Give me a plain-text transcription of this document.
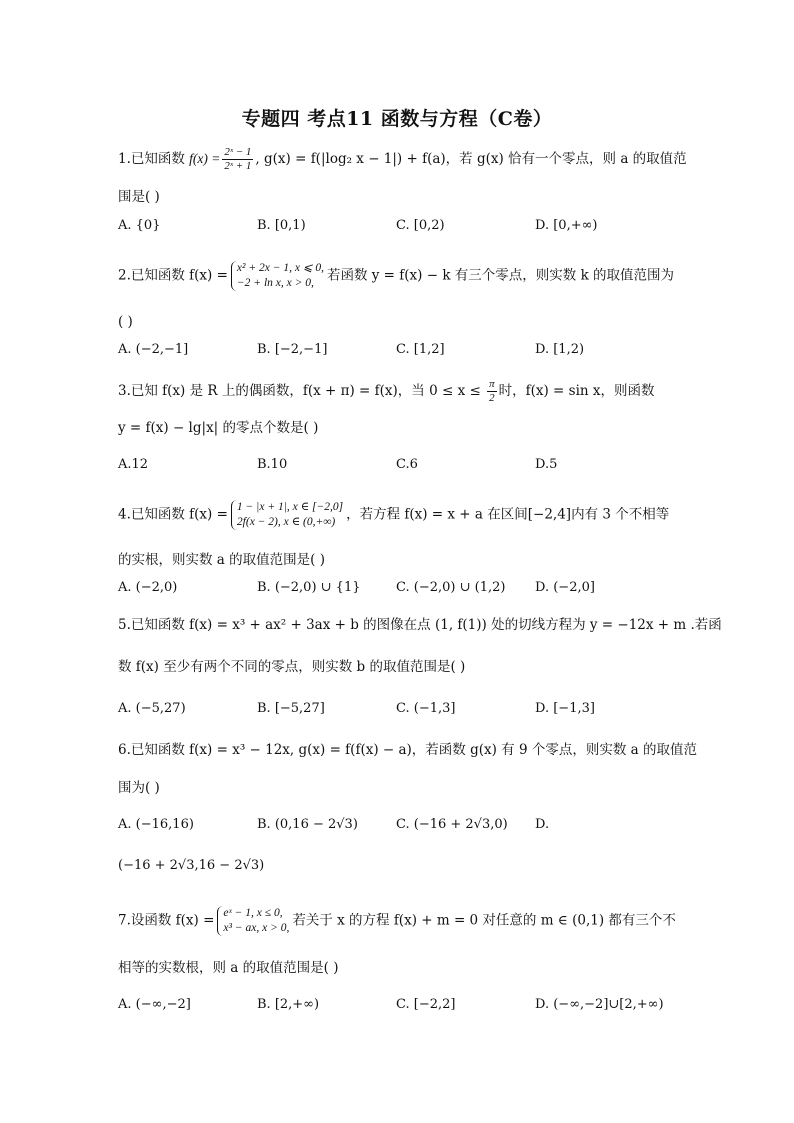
专题四 考点11 函数与方程（C卷）
1.已知函数 $f(x) = \frac{\text{2ˣ − 1}}{\text{2ˣ + 1}}$ , g(x) = f(|log₂ x − 1|) + f(a)，若 g(x) 恰有一个零点，则 a 的取值范
围是( )
A. {0}	B. [0,1)	C. [0,2)	D. [0,+∞)
2.已知函数 f(x) = x² + 2x − 1, x ⩽ 0,
−2 + ln x, x > 0, 若函数 y = f(x) − k 有三个零点，则实数 k 的取值范围为
( )
A. (−2,−1]	B. [−2,−1]	C. [1,2]	D. [1,2)
3.已知 f(x) 是 R 上的偶函数，f(x + π) = f(x)，当 $0 \le x \le \frac{\pi}{2}$ 时，f(x) = sin x，则函数
y = f(x) − lg|x| 的零点个数是( )
A.12	B.10	C.6	D.5
4.已知函数 f(x) = 1 − |x + 1|, x ∈ [−2,0]
2f(x − 2), x ∈ (0,+∞) ，若方程 f(x) = x + a 在区间[−2,4]内有 3 个不相等
的实根，则实数 a 的取值范围是( )
A. (−2,0)	B. (−2,0) ∪ {1}	C. (−2,0) ∪ (1,2) D. (−2,0]
5.已知函数 f(x) = x³ + ax² + 3ax + b 的图像在点 (1, f(1)) 处的切线方程为 y = −12x + m .若函
数 f(x) 至少有两个不同的零点，则实数 b 的取值范围是( )
A. (−5,27)	B. [−5,27]	C. (−1,3]	D. [−1,3]
6.已知函数 f(x) = x³ − 12x, g(x) = f(f(x) − a)，若函数 g(x) 有 9 个零点，则实数 a 的取值范
围为( )
A. (−16,16)	B. (0,16 − 2√3)	C. (−16 + 2√3,0) D.
(−16 + 2√3,16 − 2√3)
7.设函数 f(x) = eˣ − 1, x ≤ 0,
x³ − ax, x > 0, 若关于 x 的方程 f(x) + m = 0 对任意的 m ∈ (0,1) 都有三个不
相等的实数根，则 a 的取值范围是( )
A. (−∞,−2]	B. [2,+∞)	C. [−2,2]	D. (−∞,−2]∪[2,+∞)
